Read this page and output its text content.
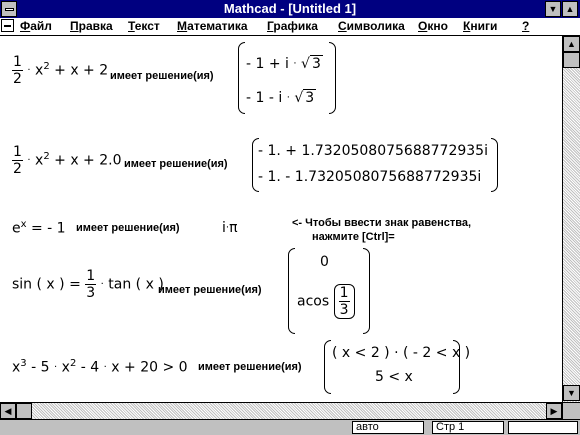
Mathcad - [Untitled 1]	▼ ▲
Файл Правка Текст Математика Графика Символика Окно Книги ?
$\frac{1}{2} \cdot x^2 + x + 2$ имеет решение(ия)
- 1 + i · √ 3
- 1 - i · √ 3
$\frac{1}{2} \cdot x^2 + x + 2.0$ имеет решение(ия)
- 1. + 1.7320508075688772935i
- 1. - 1.7320508075688772935i
$e^x$ = - 1 имеет решение(ия)	i·π	<- Чтобы ввести знак равенства,
нажмите [Ctrl]=
sin ( x ) = $\frac{1}{3} \cdot \tan$ ( x )
имеет решение(ия)
0
acos $\frac{1}{3}$
$x^3 - 5 \cdot x^2 - 4 \cdot x + 20 > 0$ имеет решение(ия)
( x < 2 ) · ( - 2 < x )
5 < x
▲
▼
◀	▶
авто	Стр 1
